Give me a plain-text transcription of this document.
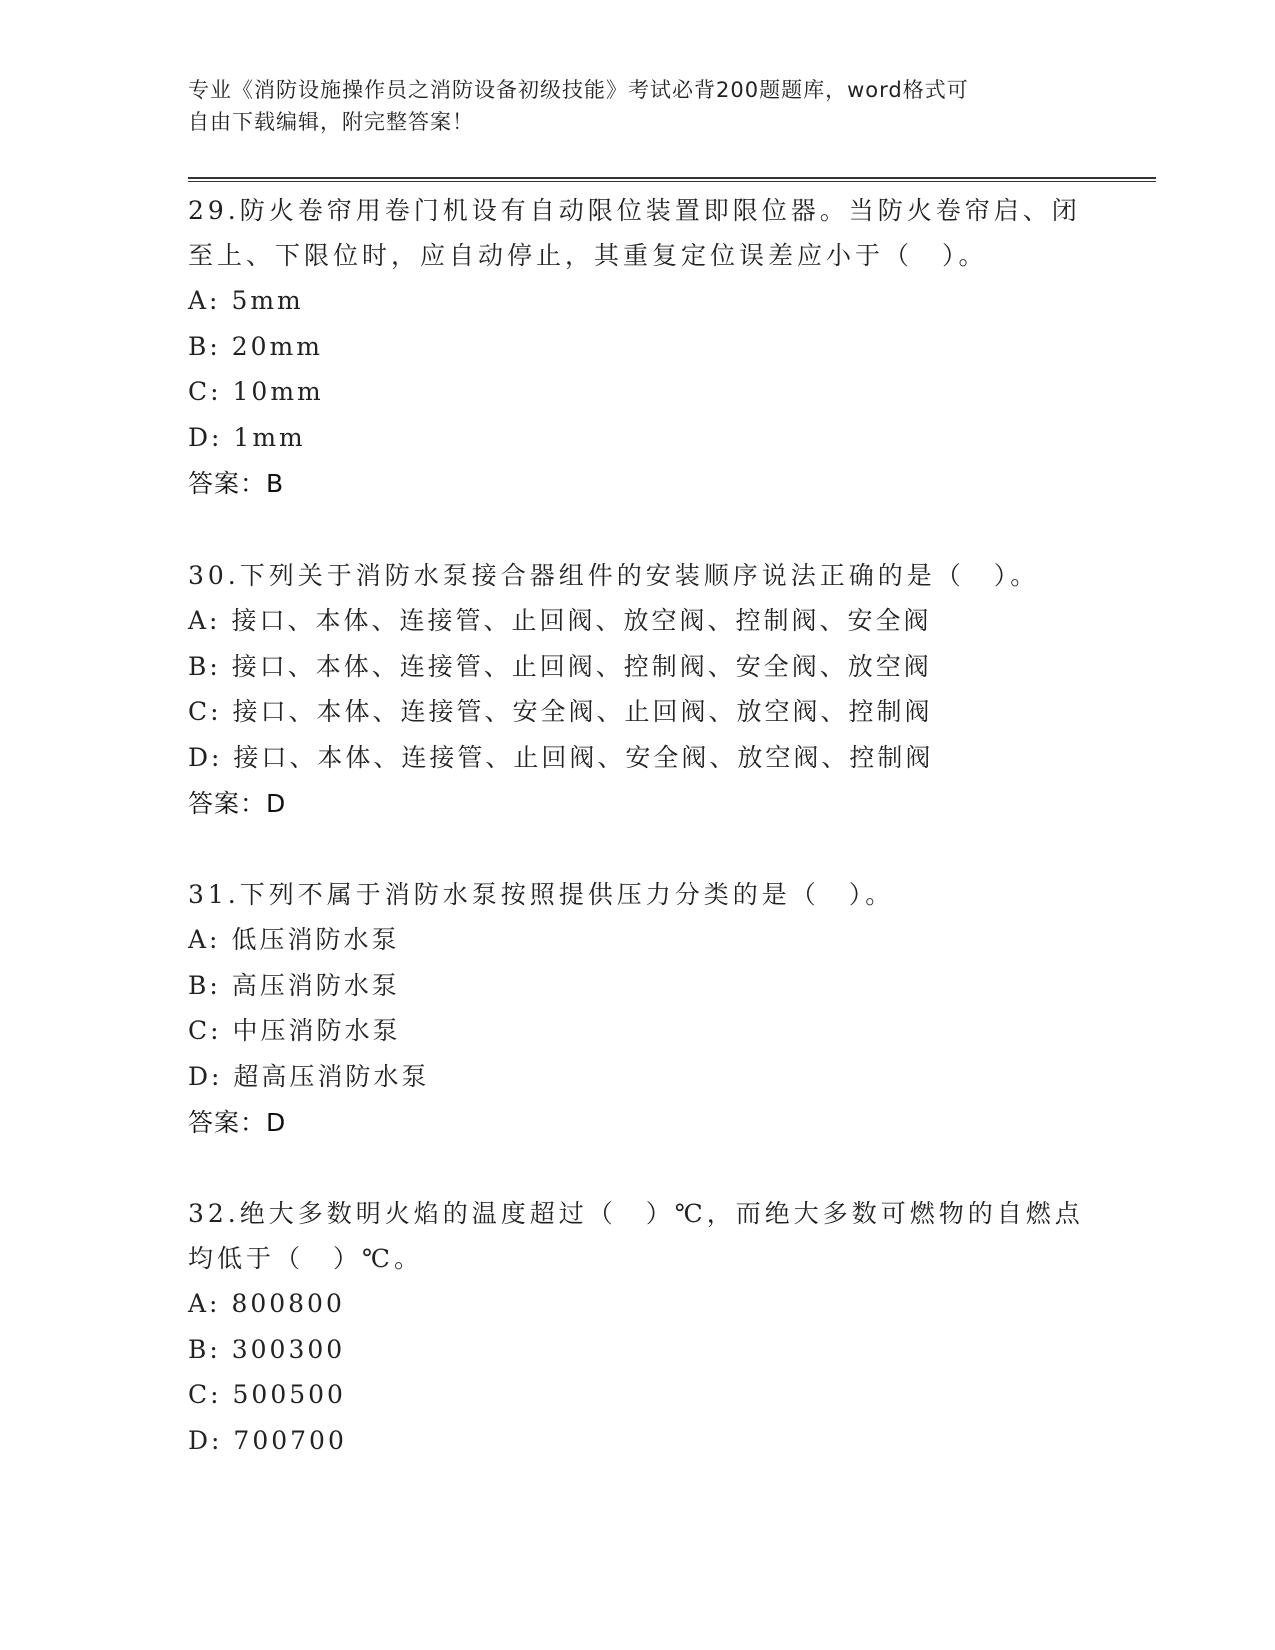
专业《消防设施操作员之消防设备初级技能》考试必背200题题库，word格式可
自由下载编辑，附完整答案！
29.防火卷帘用卷门机设有自动限位装置即限位器。当防火卷帘启、闭
至上、下限位时，应自动停止，其重复定位误差应小于（　）。
A: 5mm
B: 20mm
C: 10mm
D: 1mm
答案：B
30.下列关于消防水泵接合器组件的安装顺序说法正确的是（　）。
A: 接口、本体、连接管、止回阀、放空阀、控制阀、安全阀
B: 接口、本体、连接管、止回阀、控制阀、安全阀、放空阀
C: 接口、本体、连接管、安全阀、止回阀、放空阀、控制阀
D: 接口、本体、连接管、止回阀、安全阀、放空阀、控制阀
答案：D
31.下列不属于消防水泵按照提供压力分类的是（　）。
A: 低压消防水泵
B: 高压消防水泵
C: 中压消防水泵
D: 超高压消防水泵
答案：D
32.绝大多数明火焰的温度超过（　）℃，而绝大多数可燃物的自燃点
均低于（　）℃。
A: 800800
B: 300300
C: 500500
D: 700700
